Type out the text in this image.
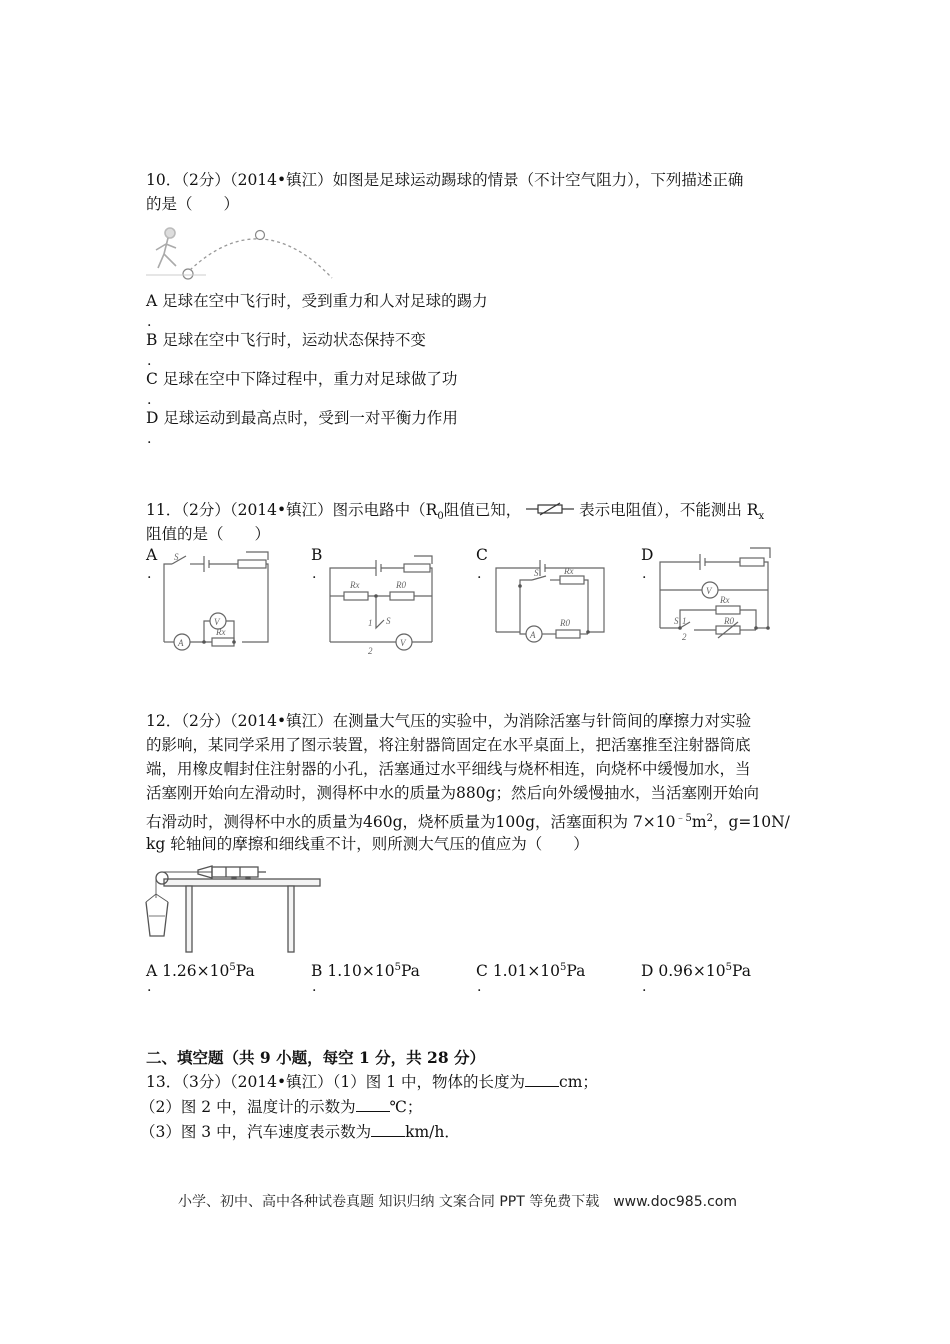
10．（2分）（2014•镇江）如图是足球运动踢球的情景（不计空气阻力），下列描述正确
的是（　　）
A 足球在空中飞行时，受到重力和人对足球的踢力
.
B 足球在空中飞行时，运动状态保持不变
.
C 足球在空中下降过程中，重力对足球做了功
.
D 足球运动到最高点时，受到一对平衡力作用
.
11．（2分）（2014•镇江）图示电路中（$R_0$阻值已知，	表示电阻值），不能测出 $R_x$
阻值的是（　　）
A
.
B
.
C
.
D
.
S
A
V
Rx
Rx	R0
1 S
2
V
S	Rx
A
R0
V
Rx
S 1
2
R0
12．（2分）（2014•镇江）在测量大气压的实验中，为消除活塞与针筒间的摩擦力对实验
的影响，某同学采用了图示装置，将注射器筒固定在水平桌面上，把活塞推至注射器筒底
端，用橡皮帽封住注射器的小孔，活塞通过水平细线与烧杯相连，向烧杯中缓慢加水，当
活塞刚开始向左滑动时，测得杯中水的质量为880g；然后向外缓慢抽水，当活塞刚开始向
右滑动时，测得杯中水的质量为460g，烧杯质量为100g，活塞面积为 $7\times 10^{﹣5}m^2$，g=10N/
kg 轮轴间的摩擦和细线重不计，则所测大气压的值应为（　　）
A $1.26\times 10^5Pa$
.
B $1.10\times 10^5Pa$
.
C $1.01\times 10^5Pa$
.
D $0.96\times 10^5Pa$
.
二、填空题（共 9 小题，每空 1 分，共 28 分）
13．（3分）（2014•镇江）（1）图 1 中，物体的长度为 cm；
（2）图 2 中，温度计的示数为 ℃；
（3）图 3 中，汽车速度表示数为 km/h．
小学、初中、高中各种试卷真题 知识归纳 文案合同 PPT 等免费下载　www.doc985.com
